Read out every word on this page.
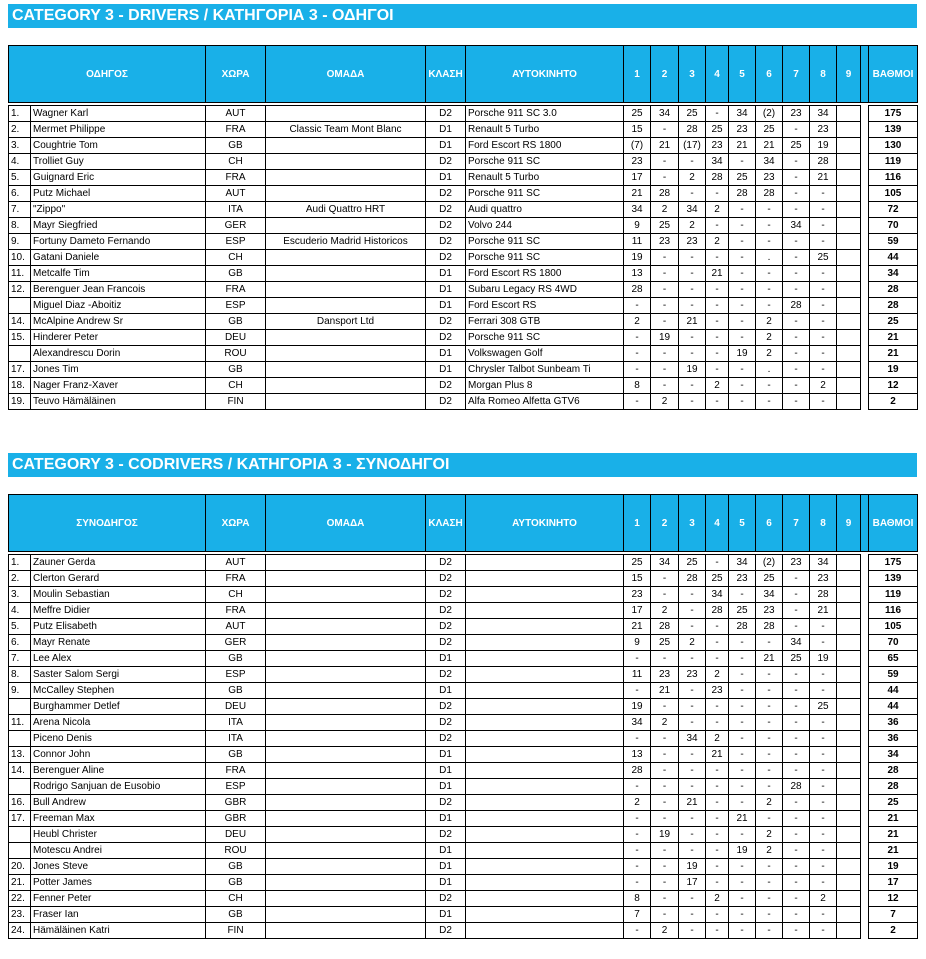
CATEGORY 3 - DRIVERS / ΚΑΤΗΓΟΡΙΑ 3 - ΟΔΗΓΟΙ
ΟΔΗΓΟΣ		ΧΩΡΑ	ΟΜΑΔΑ	ΚΛΑΣΗ	ΑΥΤΟΚΙΝΗΤΟ	1	2	3	4	5	6	7	8	9		ΒΑΘΜΟΙ

1.	Wagner Karl	AUT		D2	Porsche 911 SC 3.0	25	34	25	-	34	(2)	23	34			175
2.	Mermet Philippe	FRA	Classic Team Mont Blanc	D1	Renault 5 Turbo	15	-	28	25	23	25	-	23			139
3.	Coughtrie Tom	GB		D1	Ford Escort RS 1800	(7)	21	(17)	23	21	21	25	19			130
4.	Trolliet Guy	CH		D2	Porsche 911 SC	23	-	-	34	-	34	-	28			119
5.	Guignard Eric	FRA		D1	Renault 5 Turbo	17	-	2	28	25	23	-	21			116
6.	Putz Michael	AUT		D2	Porsche 911 SC	21	28	-	-	28	28	-	-			105
7.	"Zippo"	ITA	Audi Quattro HRT	D2	Audi quattro	34	2	34	2	-	-	-	-			72
8.	Mayr Siegfried	GER		D2	Volvo 244	9	25	2	-	-	-	34	-			70
9.	Fortuny Dameto Fernando	ESP	Escuderio Madrid Historicos	D2	Porsche 911 SC	11	23	23	2	-	-	-	-			59
10.	Gatani Daniele	CH		D2	Porsche 911 SC	19	-	-	-	-	.	-	25			44
11.	Metcalfe Tim	GB		D1	Ford Escort RS 1800	13	-	-	21	-	-	-	-			34
12.	Berenguer Jean Francois	FRA		D1	Subaru Legacy RS 4WD	28	-	-	-	-	-	-	-			28
	Miguel Diaz -Aboitiz	ESP		D1	Ford Escort RS	-	-	-	-	-	-	28	-			28
14.	McAlpine Andrew Sr	GB	Dansport Ltd	D2	Ferrari 308 GTB	2	-	21	-	-	2	-	-			25
15.	Hinderer Peter	DEU		D2	Porsche 911 SC	-	19	-	-	-	2	-	-			21
	Alexandrescu Dorin	ROU		D1	Volkswagen Golf	-	-	-	-	19	2	-	-			21
17.	Jones Tim	GB		D1	Chrysler Talbot Sunbeam Ti	-	-	19	-	-	.	-	-			19
18.	Nager Franz-Xaver	CH		D2	Morgan Plus 8	8	-	-	2	-	-	-	2			12
19.	Teuvo Hämäläinen	FIN		D2	Alfa Romeo Alfetta GTV6	-	2	-	-	-	-	-	-			2
CATEGORY 3 - CODRIVERS / ΚΑΤΗΓΟΡΙΑ 3 - ΣΥΝΟΔΗΓΟΙ
ΣΥΝΟΔΗΓΟΣ		ΧΩΡΑ	ΟΜΑΔΑ	ΚΛΑΣΗ	ΑΥΤΟΚΙΝΗΤΟ	1	2	3	4	5	6	7	8	9		ΒΑΘΜΟΙ

1.	Zauner Gerda	AUT		D2		25	34	25	-	34	(2)	23	34			175
2.	Clerton Gerard	FRA		D2		15	-	28	25	23	25	-	23			139
3.	Moulin Sebastian	CH		D2		23	-	-	34	-	34	-	28			119
4.	Meffre Didier	FRA		D2		17	2	-	28	25	23	-	21			116
5.	Putz Elisabeth	AUT		D2		21	28	-	-	28	28	-	-			105
6.	Mayr Renate	GER		D2		9	25	2	-	-	-	34	-			70
7.	Lee Alex	GB		D1		-	-	-	-	-	21	25	19			65
8.	Saster Salom Sergi	ESP		D2		11	23	23	2	-	-	-	-			59
9.	McCalley Stephen	GB		D1		-	21	-	23	-	-	-	-			44
	Burghammer Detlef	DEU		D2		19	-	-	-	-	-	-	25			44
11.	Arena Nicola	ITA		D2		34	2	-	-	-	-	-	-			36
	Piceno Denis	ITA		D2		-	-	34	2	-	-	-	-			36
13.	Connor John	GB		D1		13	-	-	21	-	-	-	-			34
14.	Berenguer Aline	FRA		D1		28	-	-	-	-	-	-	-			28
	Rodrigo Sanjuan de Eusobio	ESP		D1		-	-	-	-	-	-	28	-			28
16.	Bull Andrew	GBR		D2		2	-	21	-	-	2	-	-			25
17.	Freeman Max	GBR		D1		-	-	-	-	21	-	-	-			21
	Heubl Christer	DEU		D2		-	19	-	-	-	2	-	-			21
	Motescu Andrei	ROU		D1		-	-	-	-	19	2	-	-			21
20.	Jones Steve	GB		D1		-	-	19	-	-	-	-	-			19
21.	Potter James	GB		D1		-	-	17	-	-	-	-	-			17
22.	Fenner Peter	CH		D2		8	-	-	2	-	-	-	2			12
23.	Fraser Ian	GB		D1		7	-	-	-	-	-	-	-			7
24.	Hämäläinen Katri	FIN		D2		-	2	-	-	-	-	-	-			2
